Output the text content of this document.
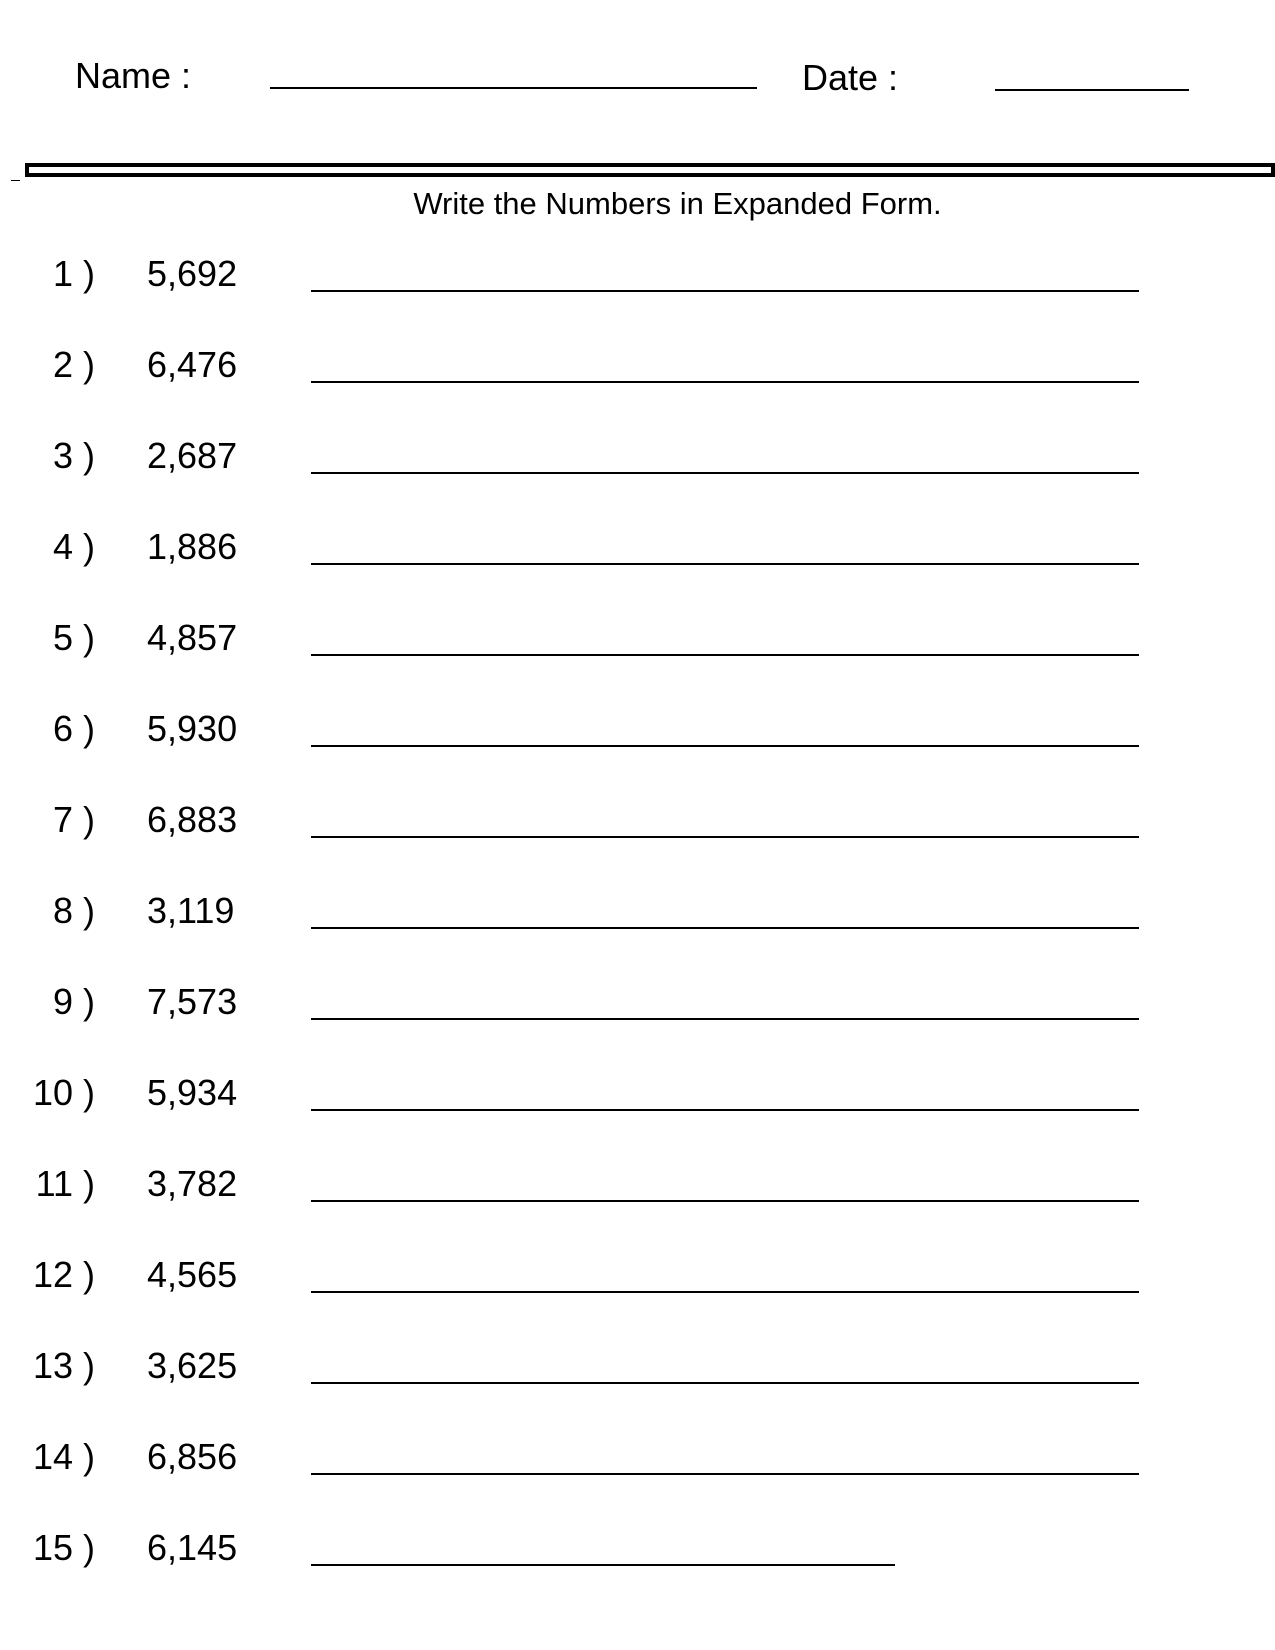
Name :	Date :
Write the Numbers in Expanded Form.
1 ) 5,692
2 ) 6,476
3 ) 2,687
4 ) 1,886
5 ) 4,857
6 ) 5,930
7 ) 6,883
8 ) 3,119
9 ) 7,573
10 ) 5,934
11 ) 3,782
12 ) 4,565
13 ) 3,625
14 ) 6,856
15 ) 6,145
